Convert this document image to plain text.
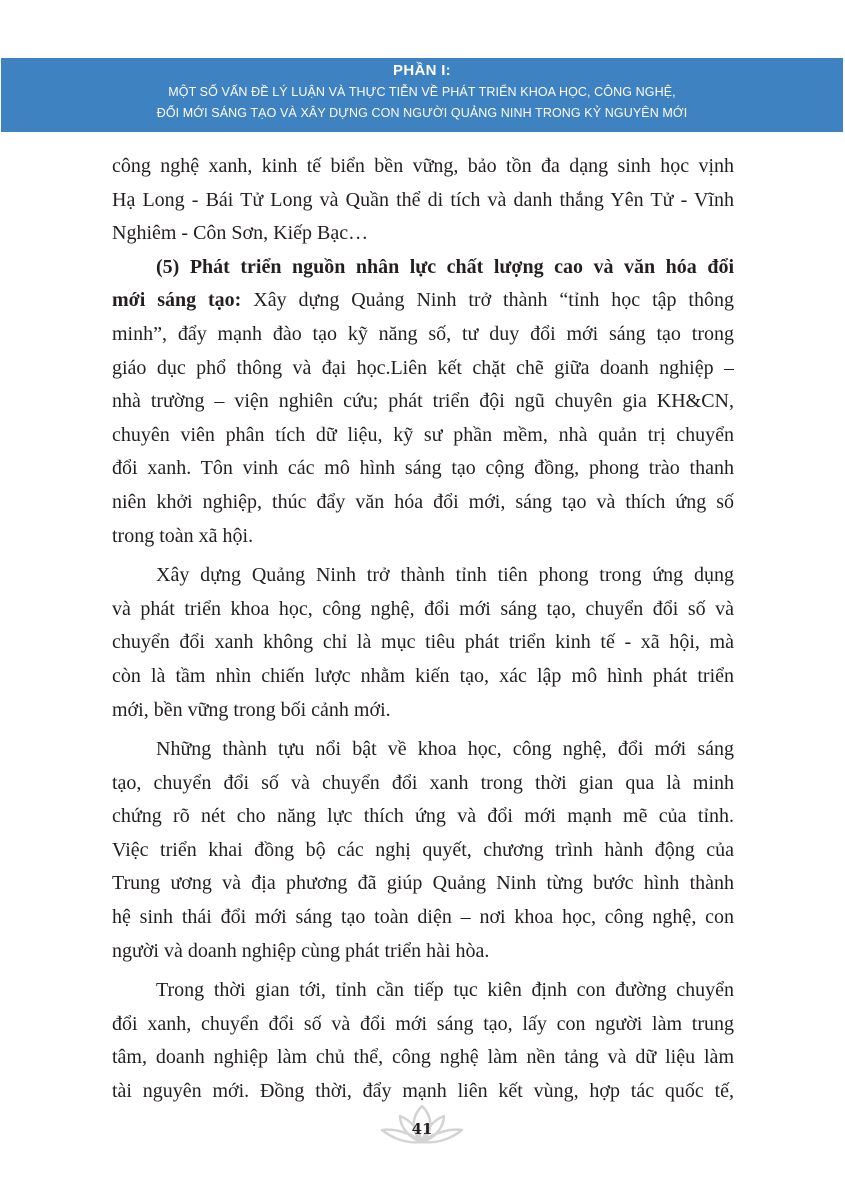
PHẦN I:
MỘT SỐ VẤN ĐỀ LÝ LUẬN VÀ THỰC TIỄN VỀ PHÁT TRIỂN KHOA HỌC, CÔNG NGHỆ,
ĐỔI MỚI SÁNG TẠO VÀ XÂY DỰNG CON NGƯỜI QUẢNG NINH TRONG KỶ NGUYÊN MỚI
công nghệ xanh, kinh tế biển bền vững, bảo tồn đa dạng sinh học vịnh
Hạ Long - Bái Tử Long và Quần thể di tích và danh thắng Yên Tử - Vĩnh
Nghiêm - Côn Sơn, Kiếp Bạc…
(5) Phát triển nguồn nhân lực chất lượng cao và văn hóa đổi
mới sáng tạo: Xây dựng Quảng Ninh trở thành “tỉnh học tập thông
minh”, đẩy mạnh đào tạo kỹ năng số, tư duy đổi mới sáng tạo trong
giáo dục phổ thông và đại học.Liên kết chặt chẽ giữa doanh nghiệp –
nhà trường – viện nghiên cứu; phát triển đội ngũ chuyên gia KH&CN,
chuyên viên phân tích dữ liệu, kỹ sư phần mềm, nhà quản trị chuyển
đổi xanh. Tôn vinh các mô hình sáng tạo cộng đồng, phong trào thanh
niên khởi nghiệp, thúc đẩy văn hóa đổi mới, sáng tạo và thích ứng số
trong toàn xã hội.
Xây dựng Quảng Ninh trở thành tỉnh tiên phong trong ứng dụng
và phát triển khoa học, công nghệ, đổi mới sáng tạo, chuyển đổi số và
chuyển đổi xanh không chỉ là mục tiêu phát triển kinh tế - xã hội, mà
còn là tầm nhìn chiến lược nhằm kiến tạo, xác lập mô hình phát triển
mới, bền vững trong bối cảnh mới.
Những thành tựu nổi bật về khoa học, công nghệ, đổi mới sáng
tạo, chuyển đổi số và chuyển đổi xanh trong thời gian qua là minh
chứng rõ nét cho năng lực thích ứng và đổi mới mạnh mẽ của tỉnh.
Việc triển khai đồng bộ các nghị quyết, chương trình hành động của
Trung ương và địa phương đã giúp Quảng Ninh từng bước hình thành
hệ sinh thái đổi mới sáng tạo toàn diện – nơi khoa học, công nghệ, con
người và doanh nghiệp cùng phát triển hài hòa.
Trong thời gian tới, tỉnh cần tiếp tục kiên định con đường chuyển
đổi xanh, chuyển đổi số và đổi mới sáng tạo, lấy con người làm trung
tâm, doanh nghiệp làm chủ thể, công nghệ làm nền tảng và dữ liệu làm
tài nguyên mới. Đồng thời, đẩy mạnh liên kết vùng, hợp tác quốc tế,
41
